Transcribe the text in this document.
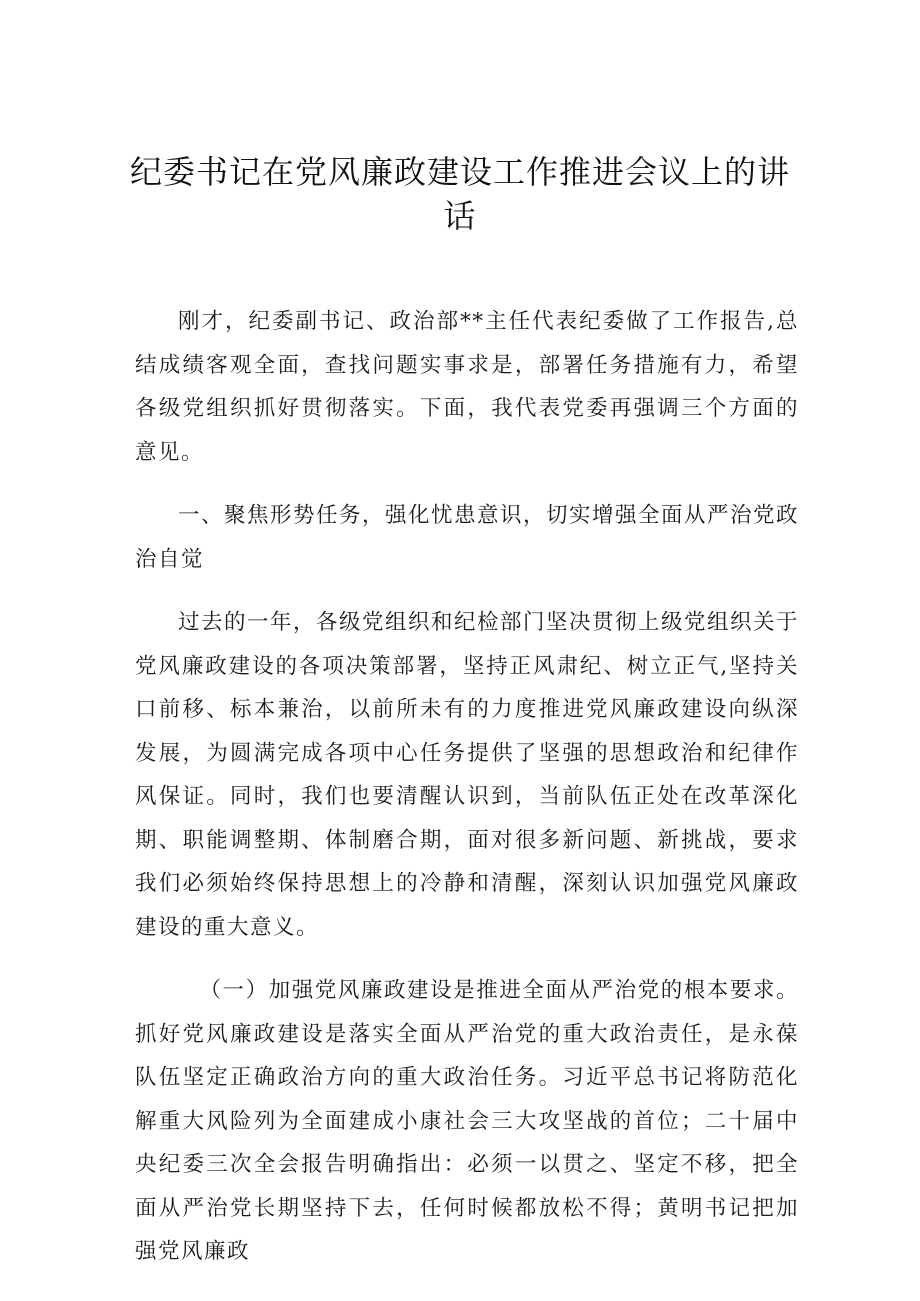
纪委书记在党风廉政建设工作推进会议上的讲话

刚才，纪委副书记、政治部**主任代表纪委做了工作报告,总结成绩客观全面，查找问题实事求是，部署任务措施有力，希望各级党组织抓好贯彻落实。下面，我代表党委再强调三个方面的意见。

一、聚焦形势任务，强化忧患意识，切实增强全面从严治党政治自觉

过去的一年，各级党组织和纪检部门坚决贯彻上级党组织关于党风廉政建设的各项决策部署，坚持正风肃纪、树立正气,坚持关口前移、标本兼治，以前所未有的力度推进党风廉政建设向纵深发展，为圆满完成各项中心任务提供了坚强的思想政治和纪律作风保证。同时，我们也要清醒认识到，当前队伍正处在改革深化期、职能调整期、体制磨合期，面对很多新问题、新挑战，要求我们必须始终保持思想上的冷静和清醒，深刻认识加强党风廉政建设的重大意义。

（一）加强党风廉政建设是推进全面从严治党的根本要求。抓好党风廉政建设是落实全面从严治党的重大政治责任，是永葆队伍坚定正确政治方向的重大政治任务。习近平总书记将防范化解重大风险列为全面建成小康社会三大攻坚战的首位；二十届中央纪委三次全会报告明确指出：必须一以贯之、坚定不移，把全面从严治党长期坚持下去，任何时候都放松不得；黄明书记把加强党风廉政
